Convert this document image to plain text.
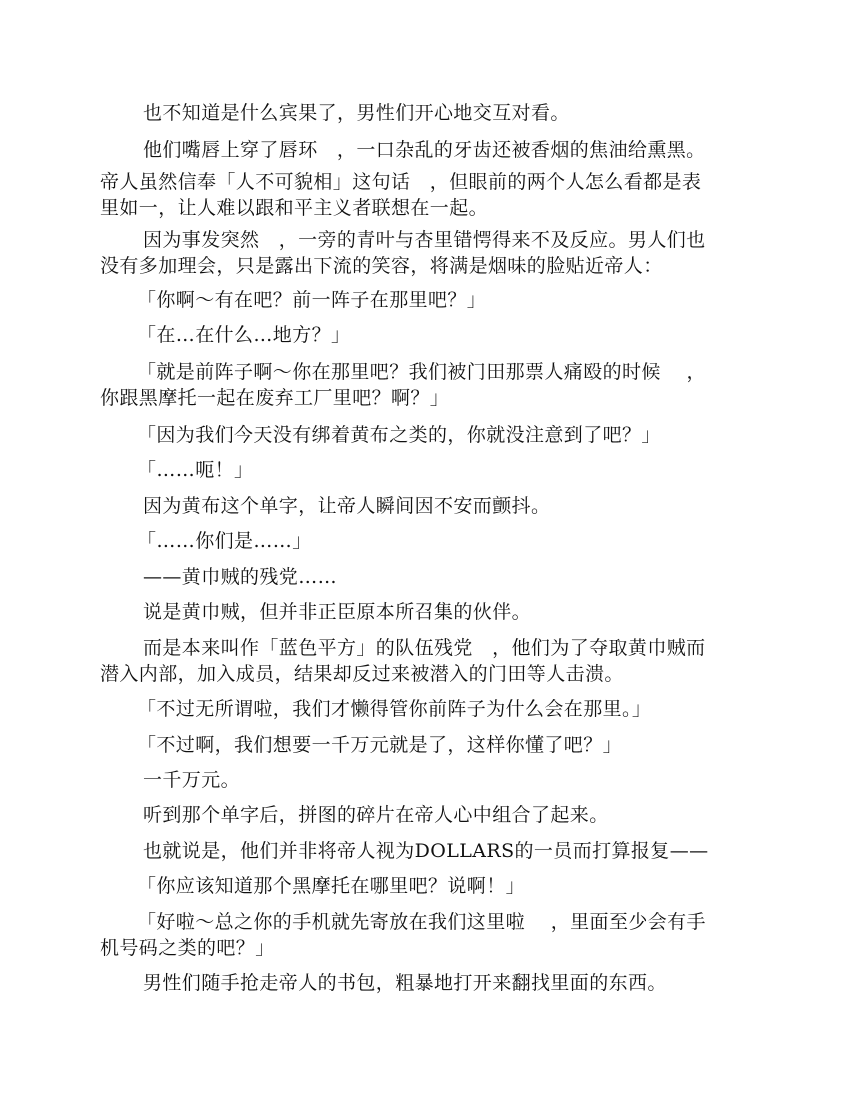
也不知道是什么宾果了，男性们开心地交互对看。
他们嘴唇上穿了唇环   ，一口杂乱的牙齿还被香烟的焦油给熏黑。
帝人虽然信奉「人不可貌相」这句话   ，但眼前的两个人怎么看都是表
里如一，让人难以跟和平主义者联想在一起。
因为事发突然   ，一旁的青叶与杏里错愕得来不及反应。男人们也
没有多加理会，只是露出下流的笑容，将满是烟味的脸贴近帝人：
「你啊～有在吧？前一阵子在那里吧？」
「在…在什么…地方？」
「就是前阵子啊～你在那里吧？我们被门田那票人痛殴的时候    ，
你跟黑摩托一起在废弃工厂里吧？啊？」
「因为我们今天没有绑着黄布之类的，你就没注意到了吧？」
「……呃！」
因为黄布这个单字，让帝人瞬间因不安而颤抖。
「……你们是……」
——黄巾贼的残党……
说是黄巾贼，但并非正臣原本所召集的伙伴。
而是本来叫作「蓝色平方」的队伍残党   ，他们为了夺取黄巾贼而
潜入内部，加入成员，结果却反过来被潜入的门田等人击溃。
「不过无所谓啦，我们才懒得管你前阵子为什么会在那里。」
「不过啊，我们想要一千万元就是了，这样你懂了吧？」
一千万元。
听到那个单字后，拼图的碎片在帝人心中组合了起来。
也就说是，他们并非将帝人视为DOLLARS的一员而打算报复——
「你应该知道那个黑摩托在哪里吧？说啊！」
「好啦～总之你的手机就先寄放在我们这里啦    ，里面至少会有手
机号码之类的吧？」
男性们随手抢走帝人的书包，粗暴地打开来翻找里面的东西。
